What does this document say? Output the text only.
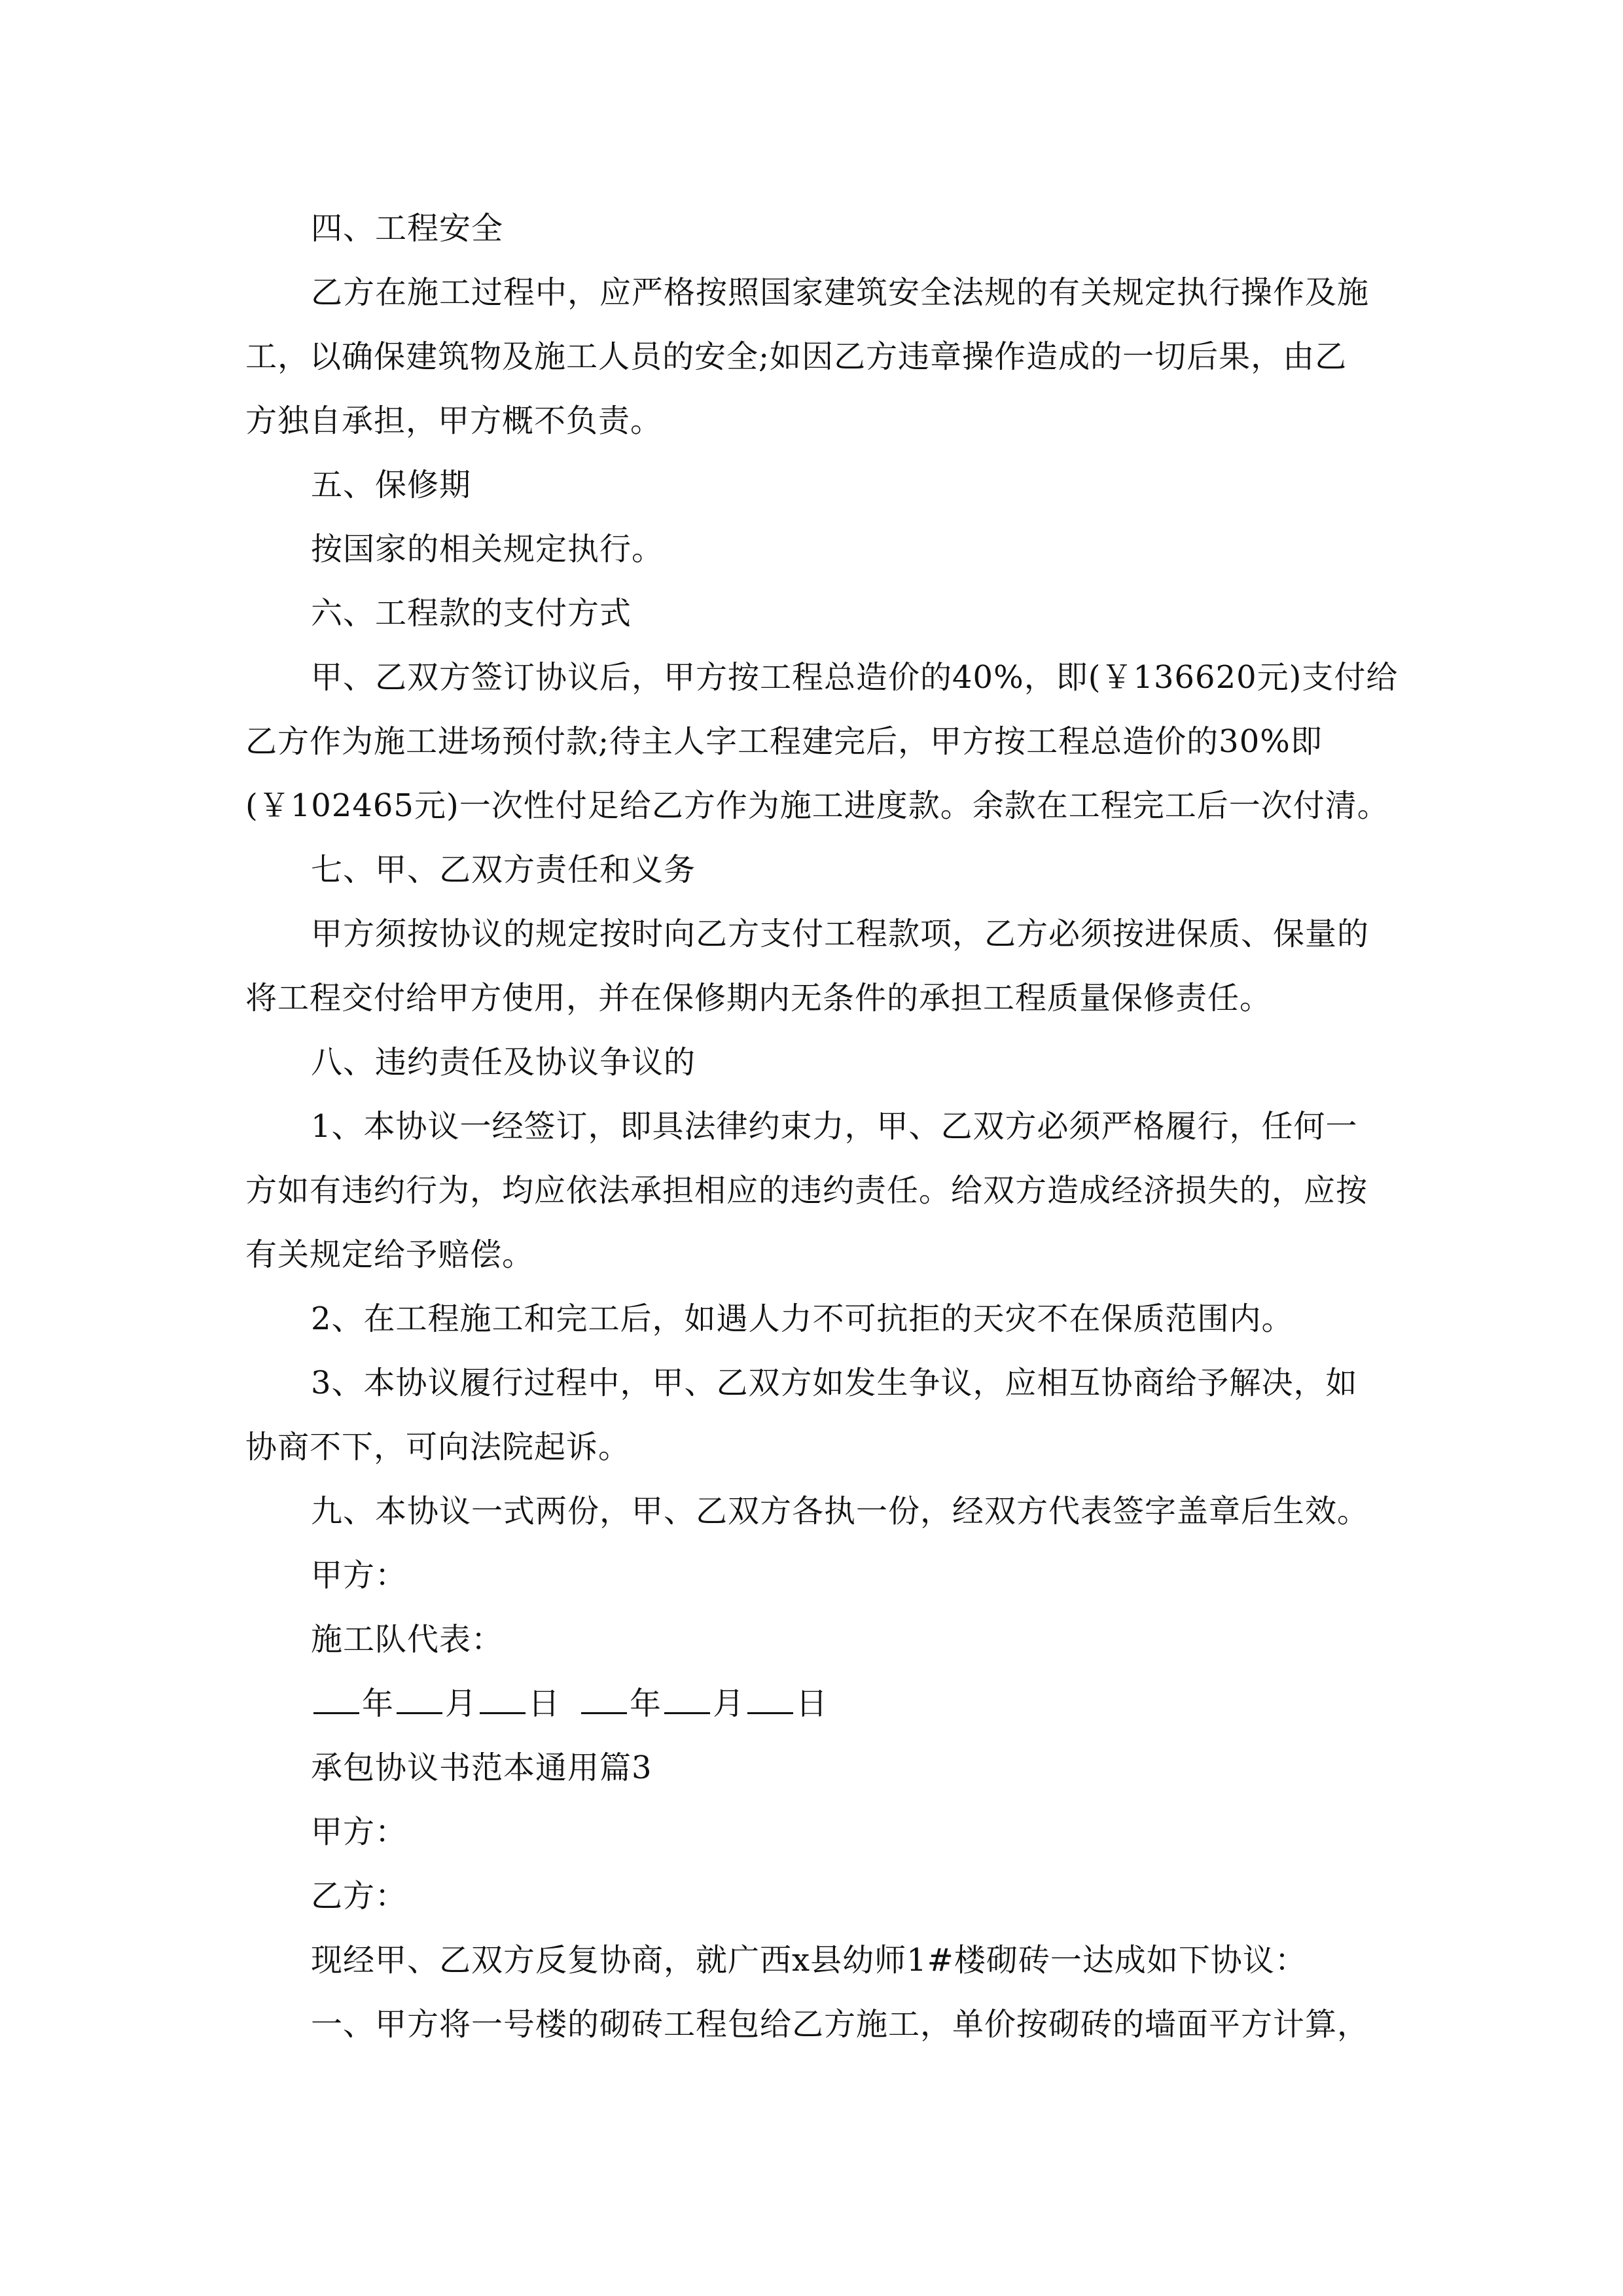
四、工程安全
乙方在施工过程中，应严格按照国家建筑安全法规的有关规定执行操作及施
工，以确保建筑物及施工人员的安全;如因乙方违章操作造成的一切后果，由乙
方独自承担，甲方概不负责。
五、保修期
按国家的相关规定执行。
六、工程款的支付方式
甲、乙双方签订协议后，甲方按工程总造价的40%，即(￥136620元)支付给
乙方作为施工进场预付款;待主人字工程建完后，甲方按工程总造价的30%即
(￥102465元)一次性付足给乙方作为施工进度款。余款在工程完工后一次付清。
七、甲、乙双方责任和义务
甲方须按协议的规定按时向乙方支付工程款项，乙方必须按进保质、保量的
将工程交付给甲方使用，并在保修期内无条件的承担工程质量保修责任。
八、违约责任及协议争议的
1、本协议一经签订，即具法律约束力，甲、乙双方必须严格履行，任何一
方如有违约行为，均应依法承担相应的违约责任。给双方造成经济损失的，应按
有关规定给予赔偿。
2、在工程施工和完工后，如遇人力不可抗拒的天灾不在保质范围内。
3、本协议履行过程中，甲、乙双方如发生争议，应相互协商给予解决，如
协商不下，可向法院起诉。
九、本协议一式两份，甲、乙双方各执一份，经双方代表签字盖章后生效。
甲方：
施工队代表：
年 月 日 年 月 日
承包协议书范本通用篇3
甲方：
乙方：
现经甲、乙双方反复协商，就广西x县幼师1#楼砌砖一达成如下协议：
一、甲方将一号楼的砌砖工程包给乙方施工，单价按砌砖的墙面平方计算，
